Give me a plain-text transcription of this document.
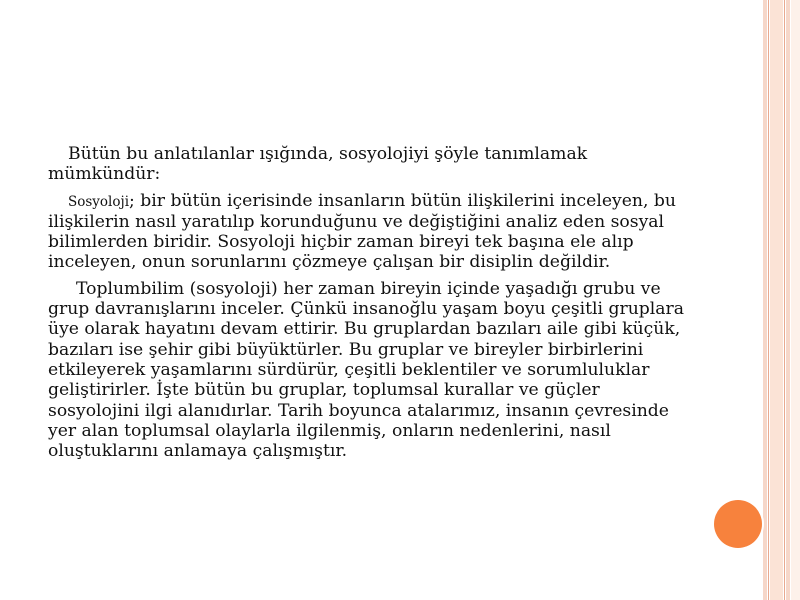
Bütün bu anlatılanlar ışığında, sosyolojiyi şöyle tanımlamak mümkündür:

Sosyoloji; bir bütün içerisinde insanların bütün ilişkilerini inceleyen, bu ilişkilerin nasıl yaratılıp korunduğunu ve değiştiğini analiz eden sosyal bilimlerden biridir. Sosyoloji hiçbir zaman bireyi tek başına ele alıp inceleyen, onun sorunlarını çözmeye çalışan bir disiplin değildir.

Toplumbilim (sosyoloji) her zaman bireyin içinde yaşadığı grubu ve grup davranışlarını inceler. Çünkü insanoğlu yaşam boyu çeşitli gruplara üye olarak hayatını devam ettirir. Bu gruplardan bazıları aile gibi küçük, bazıları ise şehir gibi büyüktürler. Bu gruplar ve bireyler birbirlerini etkileyerek yaşamlarını sürdürür, çeşitli beklentiler ve sorumluluklar geliştirirler. İşte bütün bu gruplar, toplumsal kurallar ve güçler sosyolojini ilgi alanıdırlar. Tarih boyunca atalarımız, insanın çevresinde yer alan toplumsal olaylarla ilgilenmiş, onların nedenlerini, nasıl oluştuklarını anlamaya çalışmıştır.
